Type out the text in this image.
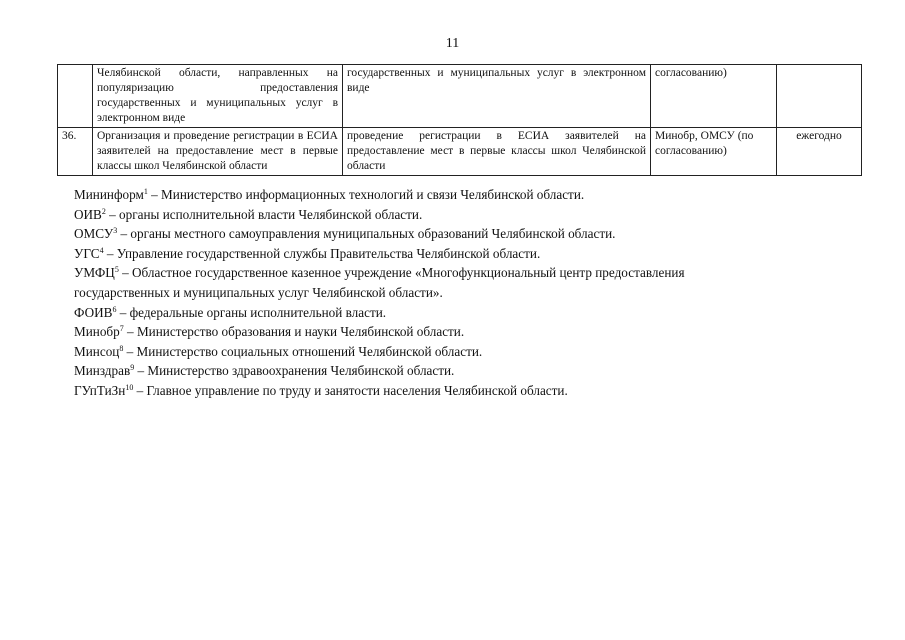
11
	Челябинской области, направленных на популяризацию предоставления государственных и муниципальных услуг в электронном виде	государственных и муниципальных услуг в электронном виде	согласованию)	
36.	Организация и проведение регистрации в ЕСИА заявителей на предоставление мест в первые классы школ Челябинской области	проведение регистрации в ЕСИА заявителей на предоставление мест в первые классы школ Челябинской области	Минобр, ОМСУ (по согласованию)	ежегодно

Мининформ$^1$ – Министерство информационных технологий и связи Челябинской области.

ОИВ$^2$ – органы исполнительной власти Челябинской области.

ОМСУ$^3$ – органы местного самоуправления муниципальных образований Челябинской области.

УГС$^4$ – Управление государственной службы Правительства Челябинской области.

УМФЦ$^5$ – Областное государственное казенное учреждение «Многофункциональный центр предоставления

государственных и муниципальных услуг Челябинской области».

ФОИВ$^6$ – федеральные органы исполнительной власти.

Минобр$^7$ – Министерство образования и науки Челябинской области.

Минсоц$^8$ – Министерство социальных отношений Челябинской области.

Минздрав$^9$ – Министерство здравоохранения Челябинской области.

ГУпТиЗн$^{10}$ – Главное управление по труду и занятости населения Челябинской области.
